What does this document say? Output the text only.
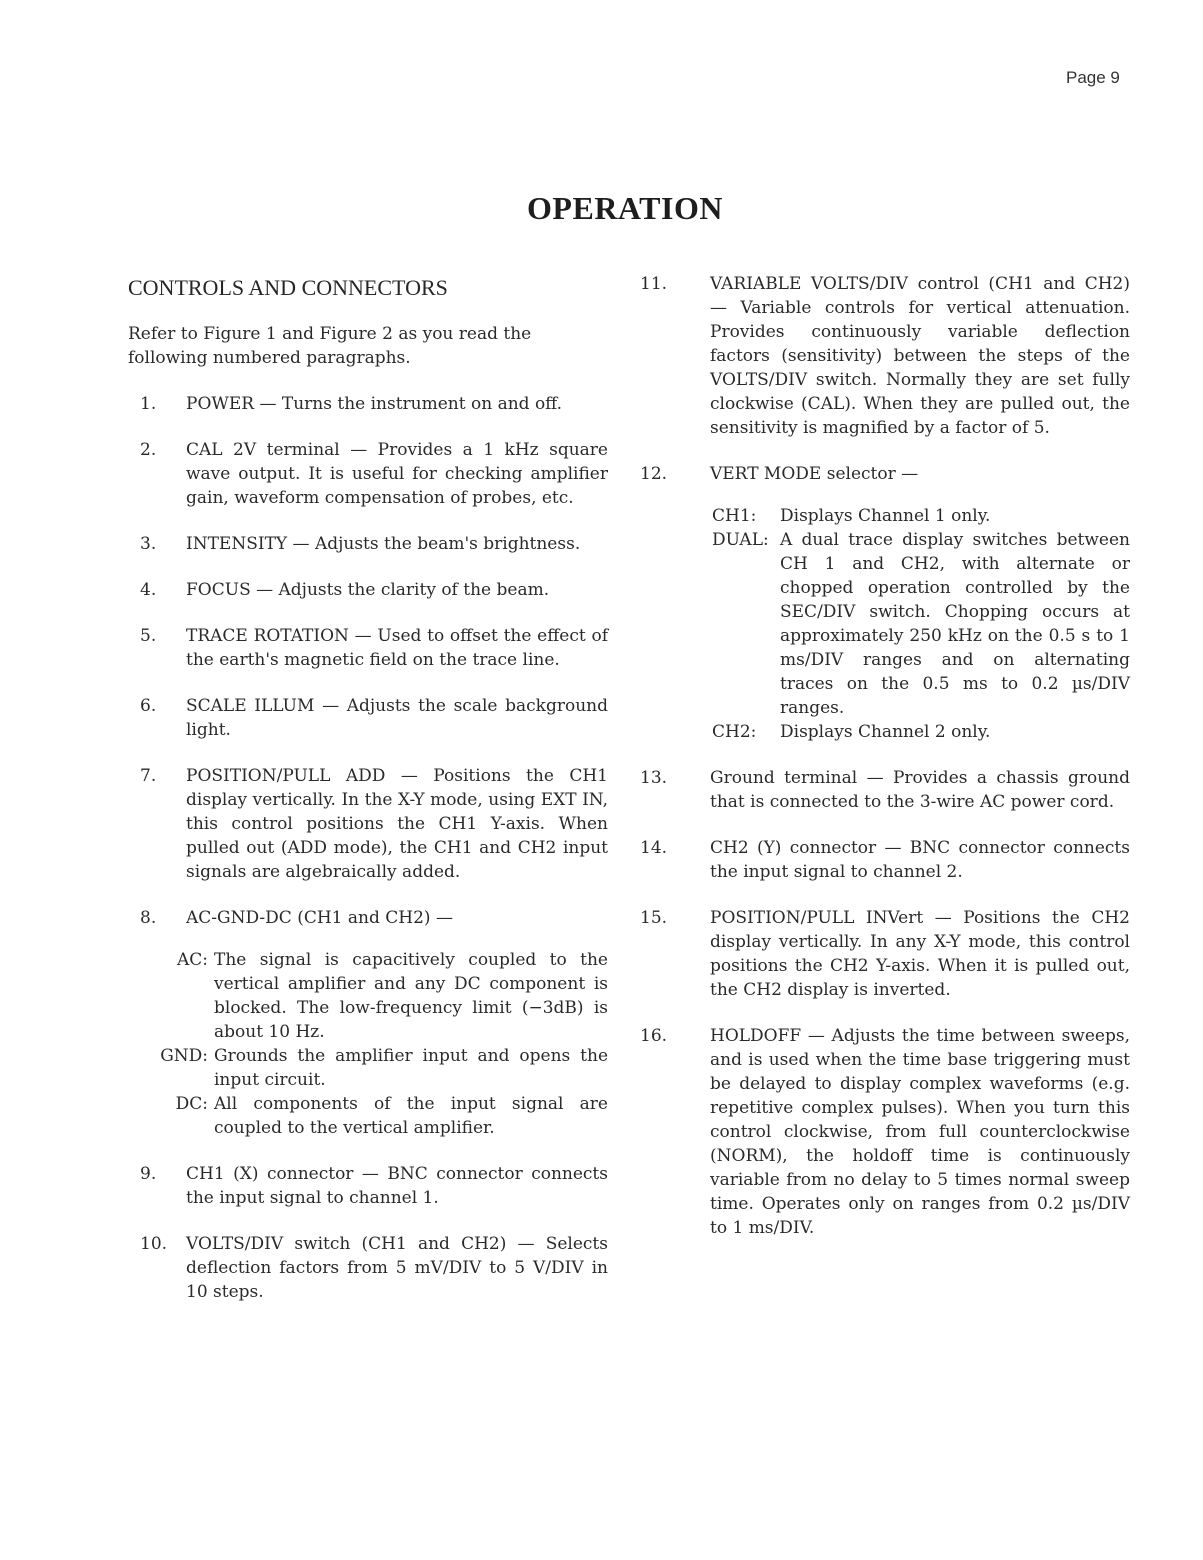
Page 9
OPERATION
CONTROLS AND CONNECTORS

Refer to Figure 1 and Figure 2 as you read the following numbered paragraphs.

1.	POWER — Turns the instrument on and off.
2.	CAL 2V terminal — Provides a 1 kHz square wave output. It is useful for checking amplifier gain, waveform compensation of probes, etc.
3.	INTENSITY — Adjusts the beam's brightness.
4.	FOCUS — Adjusts the clarity of the beam.
5.	TRACE ROTATION — Used to offset the effect of the earth's magnetic field on the trace line.
6.	SCALE ILLUM — Adjusts the scale background light.
7.	POSITION/PULL ADD — Positions the CH1 display vertically. In the X-Y mode, using EXT IN, this control positions the CH1 Y-axis. When pulled out (ADD mode), the CH1 and CH2 input signals are algebraically added.
8.	AC-GND-DC (CH1 and CH2) —
AC: The signal is capacitively coupled to the vertical amplifier and any DC component is blocked. The low-frequency limit (−3dB) is about 10 Hz.
GND: Grounds the amplifier input and opens the input circuit.
DC: All components of the input signal are coupled to the vertical amplifier.
9.	CH1 (X) connector — BNC connector connects the input signal to channel 1.
10.	VOLTS/DIV switch (CH1 and CH2) — Selects deflection factors from 5 mV/DIV to 5 V/DIV in 10 steps.
11.	VARIABLE VOLTS/DIV control (CH1 and CH2) — Variable controls for vertical attenuation. Provides continuously variable deflection factors (sensitivity) between the steps of the VOLTS/DIV switch. Normally they are set fully clockwise (CAL). When they are pulled out, the sensitivity is magnified by a factor of 5.
12.	VERT MODE selector —
CH1:	Displays Channel 1 only.
DUAL: A dual trace display switches between CH 1 and CH2, with alternate or chopped operation controlled by the SEC/DIV switch. Chopping occurs at approximately 250 kHz on the 0.5 s to 1 ms/DIV ranges and on alternating traces on the 0.5 ms to 0.2 µs/DIV ranges.
CH2:	Displays Channel 2 only.
13.	Ground terminal — Provides a chassis ground that is connected to the 3-wire AC power cord.
14.	CH2 (Y) connector — BNC connector connects the input signal to channel 2.
15.	POSITION/PULL INVert — Positions the CH2 display vertically. In any X-Y mode, this control positions the CH2 Y-axis. When it is pulled out, the CH2 display is inverted.
16.	HOLDOFF — Adjusts the time between sweeps, and is used when the time base triggering must be delayed to display complex waveforms (e.g. repetitive complex pulses). When you turn this control clockwise, from full counterclockwise (NORM), the holdoff time is continuously variable from no delay to 5 times normal sweep time. Operates only on ranges from 0.2 µs/DIV to 1 ms/DIV.
